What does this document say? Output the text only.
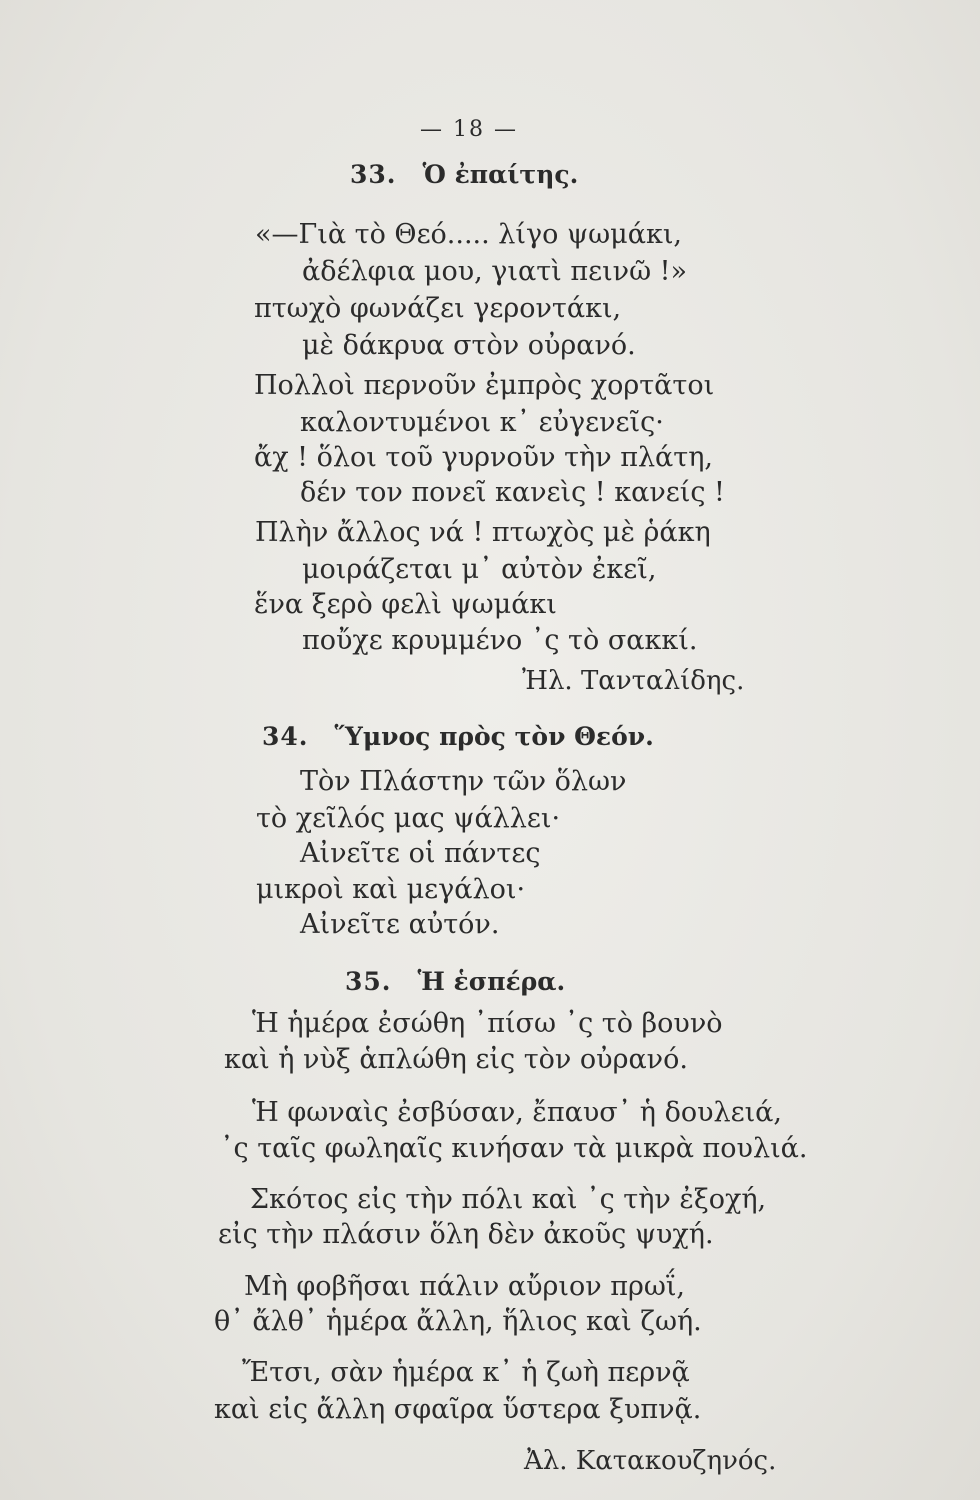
— 18 —
33. Ὁ ἐπαίτης.
«—Γιὰ τὸ Θεό..... λίγο ψωμάκι,
ἀδέλφια μου, γιατὶ πεινῶ !»
πτωχὸ φωνάζει γεροντάκι,
μὲ δάκρυα στὸν οὐρανό.
Πολλοὶ περνοῦν ἐμπρὸς χορτᾶτοι
καλοντυμένοι κ᾿ εὐγενεῖς·
ἄχ ! ὅλοι τοῦ γυρνοῦν τὴν πλάτη,
δέν τον πονεῖ κανεὶς ! κανείς !
Πλὴν ἄλλος νά ! πτωχὸς μὲ ῥάκη
μοιράζεται μ᾿ αὐτὸν ἐκεῖ,
ἕνα ξερὸ φελὶ ψωμάκι
ποὔχε κρυμμένο ᾿ς τὸ σακκί.
Ἠλ. Τανταλίδης.
34. Ὕμνος πρὸς τὸν Θεόν.
Τὸν Πλάστην τῶν ὅλων
τὸ χεῖλός μας ψάλλει·
Αἰνεῖτε οἱ πάντες
μικροὶ καὶ μεγάλοι·
Αἰνεῖτε αὐτόν.
35. Ἡ ἑσπέρα.
Ἡ ἡμέρα ἐσώθη ᾿πίσω ᾿ς τὸ βουνὸ
καὶ ἡ νὺξ ἁπλώθη εἰς τὸν οὐρανό.
Ἡ φωναὶς ἐσβύσαν, ἔπαυσ᾿ ἡ δουλειά,
᾿ς ταῖς φωληαῖς κινήσαν τὰ μικρὰ πουλιά.
Σκότος εἰς τὴν πόλι καὶ ᾿ς τὴν ἐξοχή,
εἰς τὴν πλάσιν ὅλη δὲν ἀκοῦς ψυχή.
Μὴ φοβῆσαι πάλιν αὔριον πρωΐ,
θ᾿ ἄλθ᾿ ἡμέρα ἄλλη, ἥλιος καὶ ζωή.
Ἔτσι, σὰν ἡμέρα κ᾿ ἡ ζωὴ περνᾷ
καὶ εἰς ἄλλη σφαῖρα ὕστερα ξυπνᾷ.
Ἀλ. Κατακουζηνός.
